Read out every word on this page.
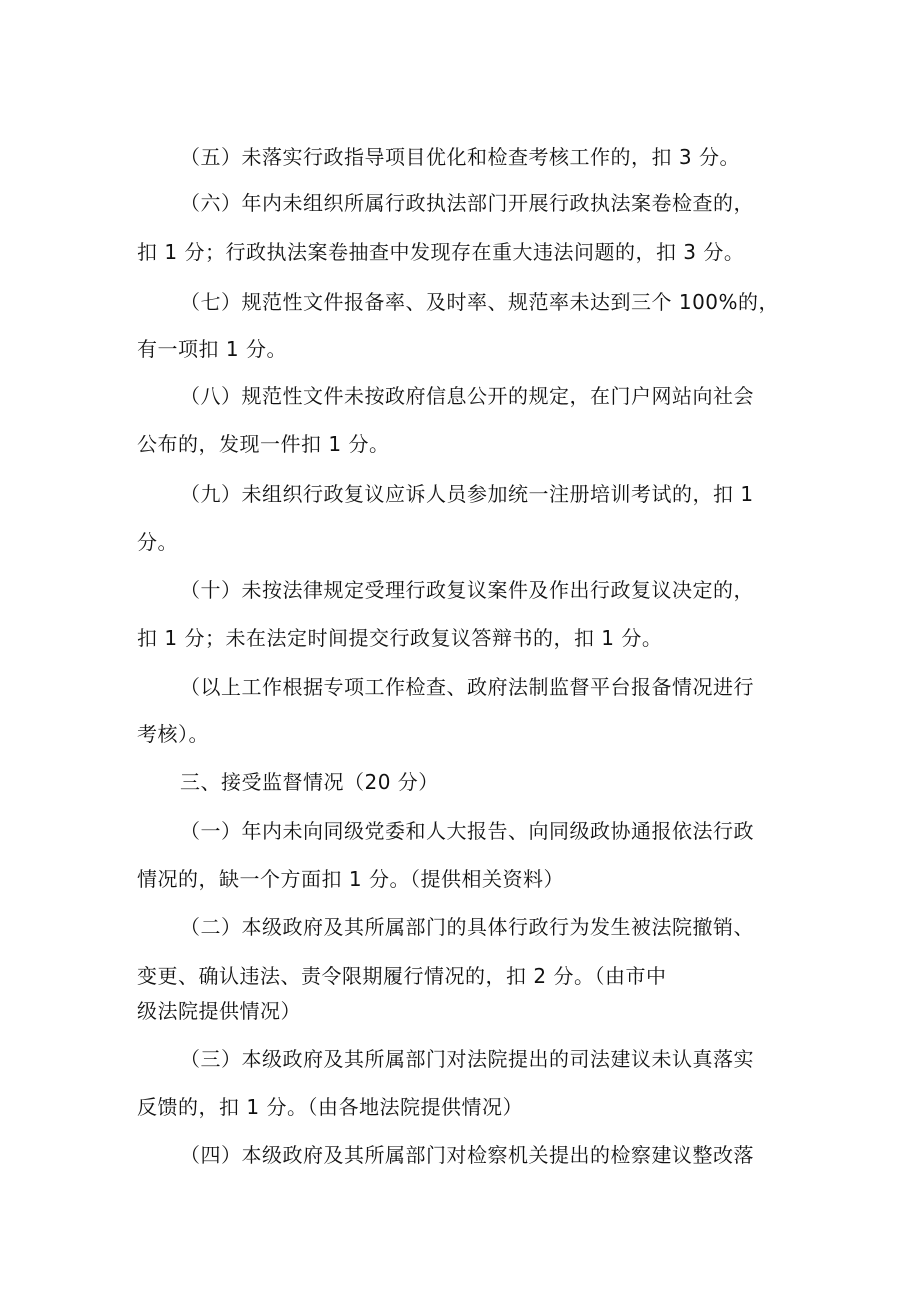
（五）未落实行政指导项目优化和检查考核工作的，扣 3 分。
（六）年内未组织所属行政执法部门开展行政执法案卷检查的，
扣 1 分；行政执法案卷抽查中发现存在重大违法问题的，扣 3 分。
（七）规范性文件报备率、及时率、规范率未达到三个 100%的，
有一项扣 1 分。
（八）规范性文件未按政府信息公开的规定，在门户网站向社会
公布的，发现一件扣 1 分。
（九）未组织行政复议应诉人员参加统一注册培训考试的，扣 1
分。
（十）未按法律规定受理行政复议案件及作出行政复议决定的，
扣 1 分；未在法定时间提交行政复议答辩书的，扣 1 分。
（以上工作根据专项工作检查、政府法制监督平台报备情况进行
考核）。
三、接受监督情况（20 分）
（一）年内未向同级党委和人大报告、向同级政协通报依法行政
情况的，缺一个方面扣 1 分。（提供相关资料）
（二）本级政府及其所属部门的具体行政行为发生被法院撤销、
变更、确认违法、责令限期履行情况的，扣 2 分。（由市中
级法院提供情况）
（三）本级政府及其所属部门对法院提出的司法建议未认真落实
反馈的，扣 1 分。（由各地法院提供情况）
（四）本级政府及其所属部门对检察机关提出的检察建议整改落
